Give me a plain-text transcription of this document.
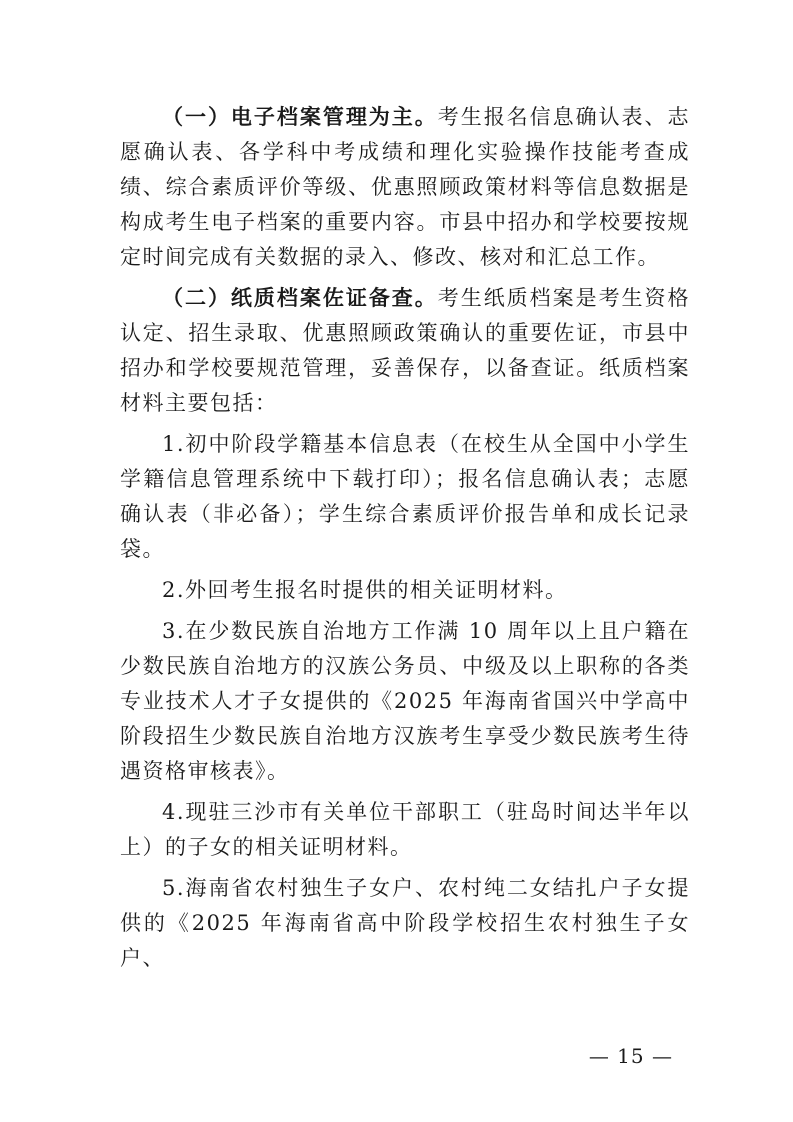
（一）电子档案管理为主。考生报名信息确认表、志愿确认表、各学科中考成绩和理化实验操作技能考查成绩、综合素质评价等级、优惠照顾政策材料等信息数据是构成考生电子档案的重要内容。市县中招办和学校要按规定时间完成有关数据的录入、修改、核对和汇总工作。

（二）纸质档案佐证备查。考生纸质档案是考生资格认定、招生录取、优惠照顾政策确认的重要佐证，市县中招办和学校要规范管理，妥善保存，以备查证。纸质档案材料主要包括：

1.初中阶段学籍基本信息表（在校生从全国中小学生学籍信息管理系统中下载打印）；报名信息确认表；志愿确认表（非必备）；学生综合素质评价报告单和成长记录袋。

2.外回考生报名时提供的相关证明材料。

3.在少数民族自治地方工作满 10 周年以上且户籍在少数民族自治地方的汉族公务员、中级及以上职称的各类专业技术人才子女提供的《2025 年海南省国兴中学高中阶段招生少数民族自治地方汉族考生享受少数民族考生待遇资格审核表》。

4.现驻三沙市有关单位干部职工（驻岛时间达半年以上）的子女的相关证明材料。

5.海南省农村独生子女户、农村纯二女结扎户子女提供的《2025 年海南省高中阶段学校招生农村独生子女户、

— 15 —
